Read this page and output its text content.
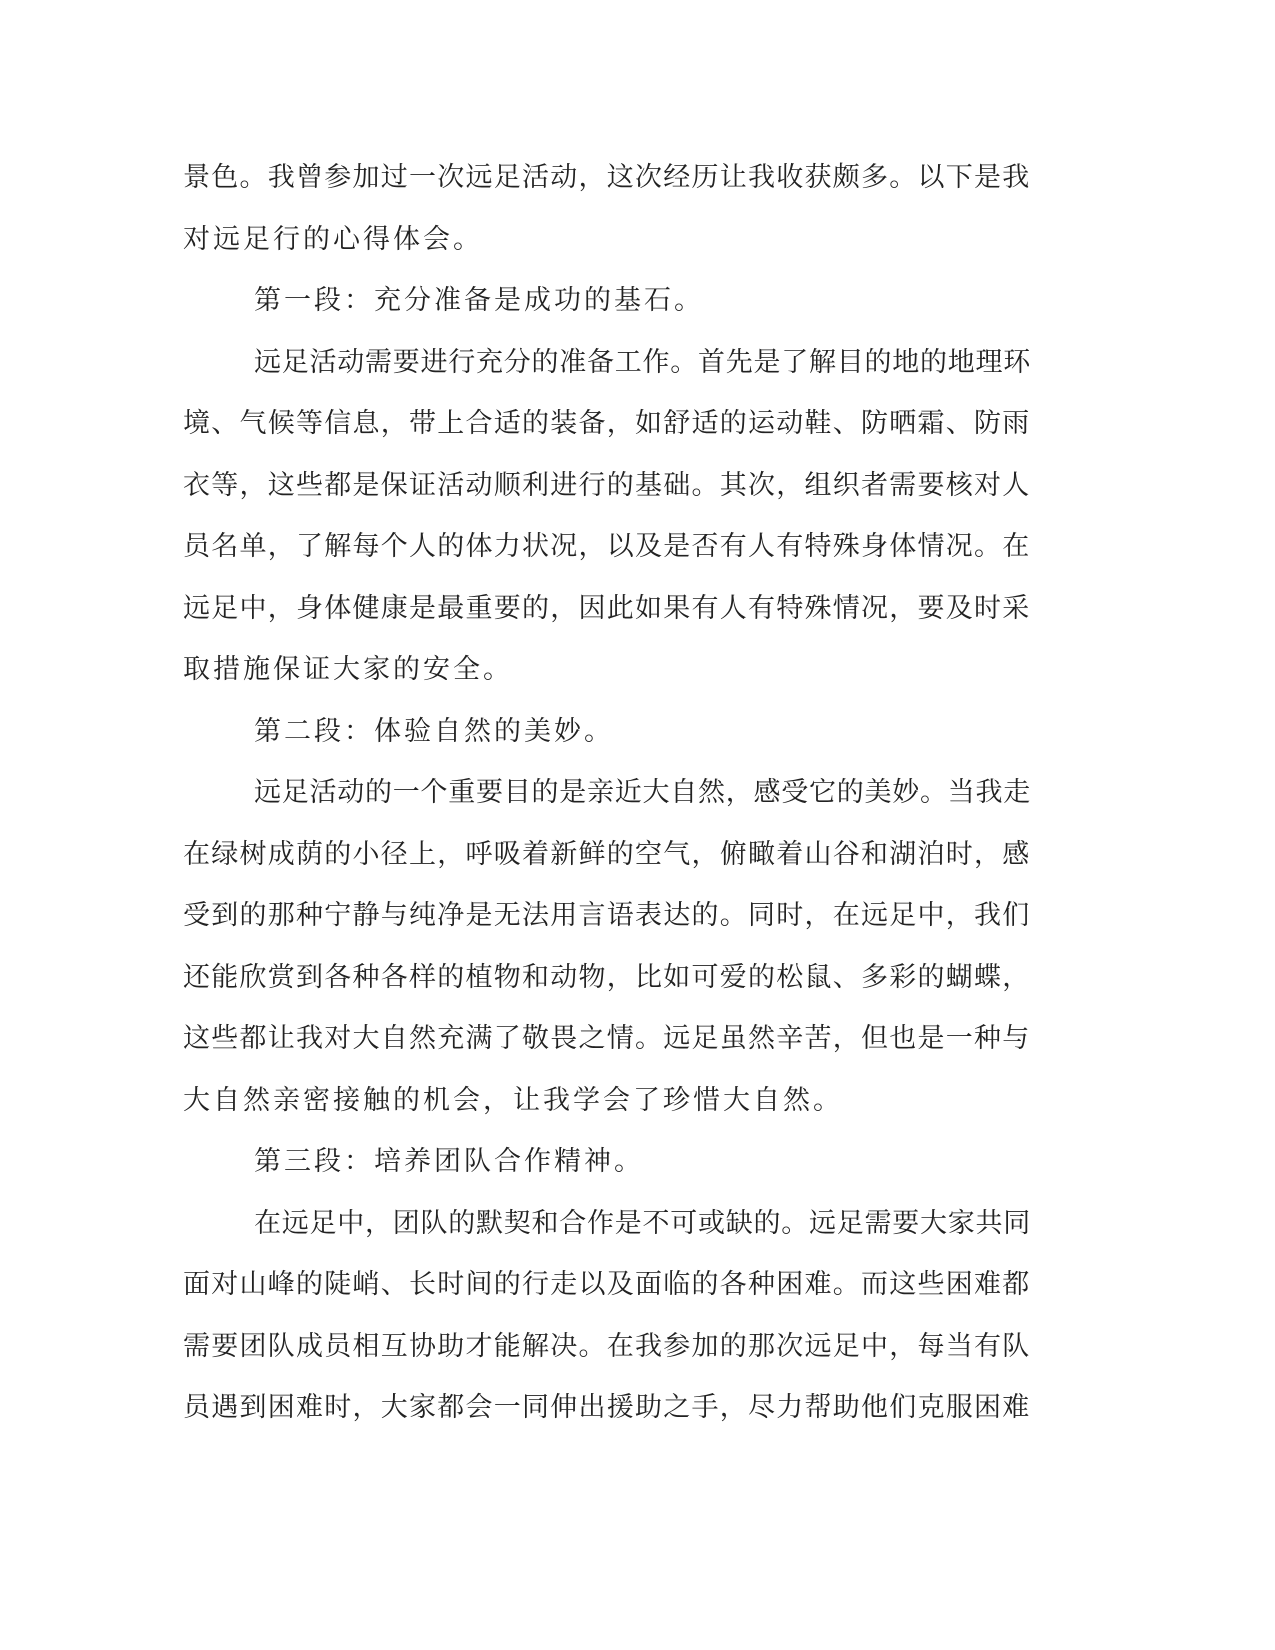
景色。我曾参加过一次远足活动，这次经历让我收获颇多。以下是我
对远足行的心得体会。
第一段：充分准备是成功的基石。
远足活动需要进行充分的准备工作。首先是了解目的地的地理环
境、气候等信息，带上合适的装备，如舒适的运动鞋、防晒霜、防雨
衣等，这些都是保证活动顺利进行的基础。其次，组织者需要核对人
员名单，了解每个人的体力状况，以及是否有人有特殊身体情况。在
远足中，身体健康是最重要的，因此如果有人有特殊情况，要及时采
取措施保证大家的安全。
第二段：体验自然的美妙。
远足活动的一个重要目的是亲近大自然，感受它的美妙。当我走
在绿树成荫的小径上，呼吸着新鲜的空气，俯瞰着山谷和湖泊时，感
受到的那种宁静与纯净是无法用言语表达的。同时，在远足中，我们
还能欣赏到各种各样的植物和动物，比如可爱的松鼠、多彩的蝴蝶，
这些都让我对大自然充满了敬畏之情。远足虽然辛苦，但也是一种与
大自然亲密接触的机会，让我学会了珍惜大自然。
第三段：培养团队合作精神。
在远足中，团队的默契和合作是不可或缺的。远足需要大家共同
面对山峰的陡峭、长时间的行走以及面临的各种困难。而这些困难都
需要团队成员相互协助才能解决。在我参加的那次远足中，每当有队
员遇到困难时，大家都会一同伸出援助之手，尽力帮助他们克服困难
